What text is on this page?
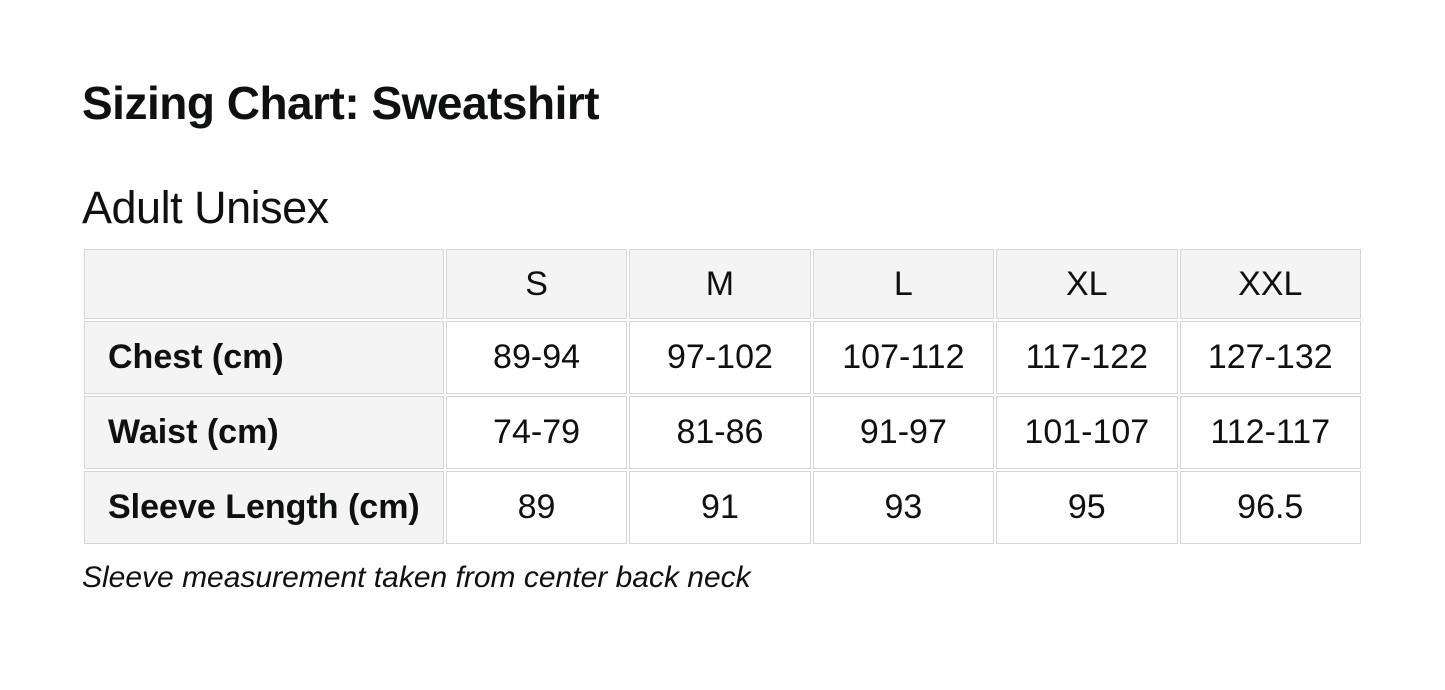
Sizing Chart: Sweatshirt
Adult Unisex
	S	M	L	XL	XXL
Chest (cm)	89-94	97-102	107-112	117-122	127-132
Waist (cm)	74-79	81-86	91-97	101-107	112-117
Sleeve Length (cm)	89	91	93	95	96.5
Sleeve measurement taken from center back neck
